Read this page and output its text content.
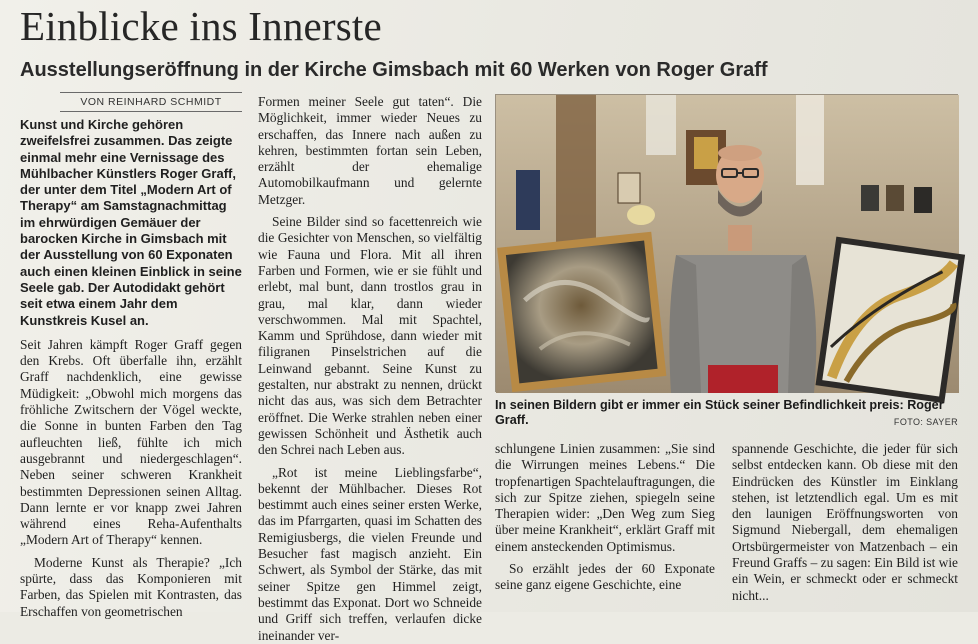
Einblicke ins Innerste
Ausstellungseröffnung in der Kirche Gimsbach mit 60 Werken von Roger Graff
VON REINHARD SCHMIDT

Kunst und Kirche gehören zweifelsfrei zusammen. Das zeigte einmal mehr eine Vernissage des Mühlbacher Künstlers Roger Graff, der unter dem Titel „Modern Art of Therapy“ am Samstagnachmittag im ehrwürdigen Gemäuer der barocken Kirche in Gimsbach mit der Ausstellung von 60 Exponaten auch einen kleinen Einblick in seine Seele gab. Der Autodidakt gehört seit etwa einem Jahr dem Kunstkreis Kusel an.

Seit Jahren kämpft Roger Graff gegen den Krebs. Oft überfalle ihn, erzählt Graff nachdenklich, eine gewisse Müdigkeit: „Obwohl mich morgens das fröhliche Zwitschern der Vögel weckte, die Sonne in bunten Farben den Tag aufleuchten ließ, fühlte ich mich ausgebrannt und niedergeschlagen“. Neben seiner schweren Krankheit bestimmten Depressionen seinen Alltag. Dann lernte er vor knapp zwei Jahren während eines Reha-Aufenthalts „Modern Art of Therapy“ kennen.

Moderne Kunst als Therapie? „Ich spürte, dass das Komponieren mit Farben, das Spielen mit Kontrasten, das Erschaffen von geometrischen

Formen meiner Seele gut taten“. Die Möglichkeit, immer wieder Neues zu erschaffen, das Innere nach außen zu kehren, bestimmten fortan sein Leben, erzählt der ehemalige Automobilkaufmann und gelernte Metzger.

Seine Bilder sind so facettenreich wie die Gesichter von Menschen, so vielfältig wie Fauna und Flora. Mit all ihren Farben und Formen, wie er sie fühlt und erlebt, mal bunt, dann trostlos grau in grau, mal klar, dann wieder verschwommen. Mal mit Spachtel, Kamm und Sprühdose, dann wieder mit filigranen Pinselstrichen auf die Leinwand gebannt. Seine Kunst zu gestalten, nur abstrakt zu nennen, drückt nicht das aus, was sich dem Betrachter eröffnet. Die Werke strahlen neben einer gewissen Schönheit und Ästhetik auch den Schrei nach Leben aus.

„Rot ist meine Lieblingsfarbe“, bekennt der Mühlbacher. Dieses Rot bestimmt auch eines seiner ersten Werke, das im Pfarrgarten, quasi im Schatten des Remigiusbergs, die vielen Freunde und Besucher fast magisch anzieht. Ein Schwert, als Symbol der Stärke, das mit seiner Spitze gen Himmel zeigt, bestimmt das Exponat. Dort wo Schneide und Griff sich treffen, verlaufen dicke ineinander ver-

In seinen Bildern gibt er immer ein Stück seiner Befindlichkeit preis: Roger Graff.	FOTO: SAYER

schlungene Linien zusammen: „Sie sind die Wirrungen meines Lebens.“ Die tropfenartigen Spachtelauftragungen, die sich zur Spitze ziehen, spiegeln seine Therapien wider: „Den Weg zum Sieg über meine Krankheit“, erklärt Graff mit einem ansteckenden Optimismus.

So erzählt jedes der 60 Exponate seine ganz eigene Geschichte, eine

spannende Geschichte, die jeder für sich selbst entdecken kann. Ob diese mit den Eindrücken des Künstler im Einklang stehen, ist letztendlich egal. Um es mit den launigen Eröffnungsworten von Sigmund Niebergall, dem ehemaligen Ortsbürgermeister von Matzenbach – ein Freund Graffs – zu sagen: Ein Bild ist wie ein Wein, er schmeckt oder er schmeckt nicht...
